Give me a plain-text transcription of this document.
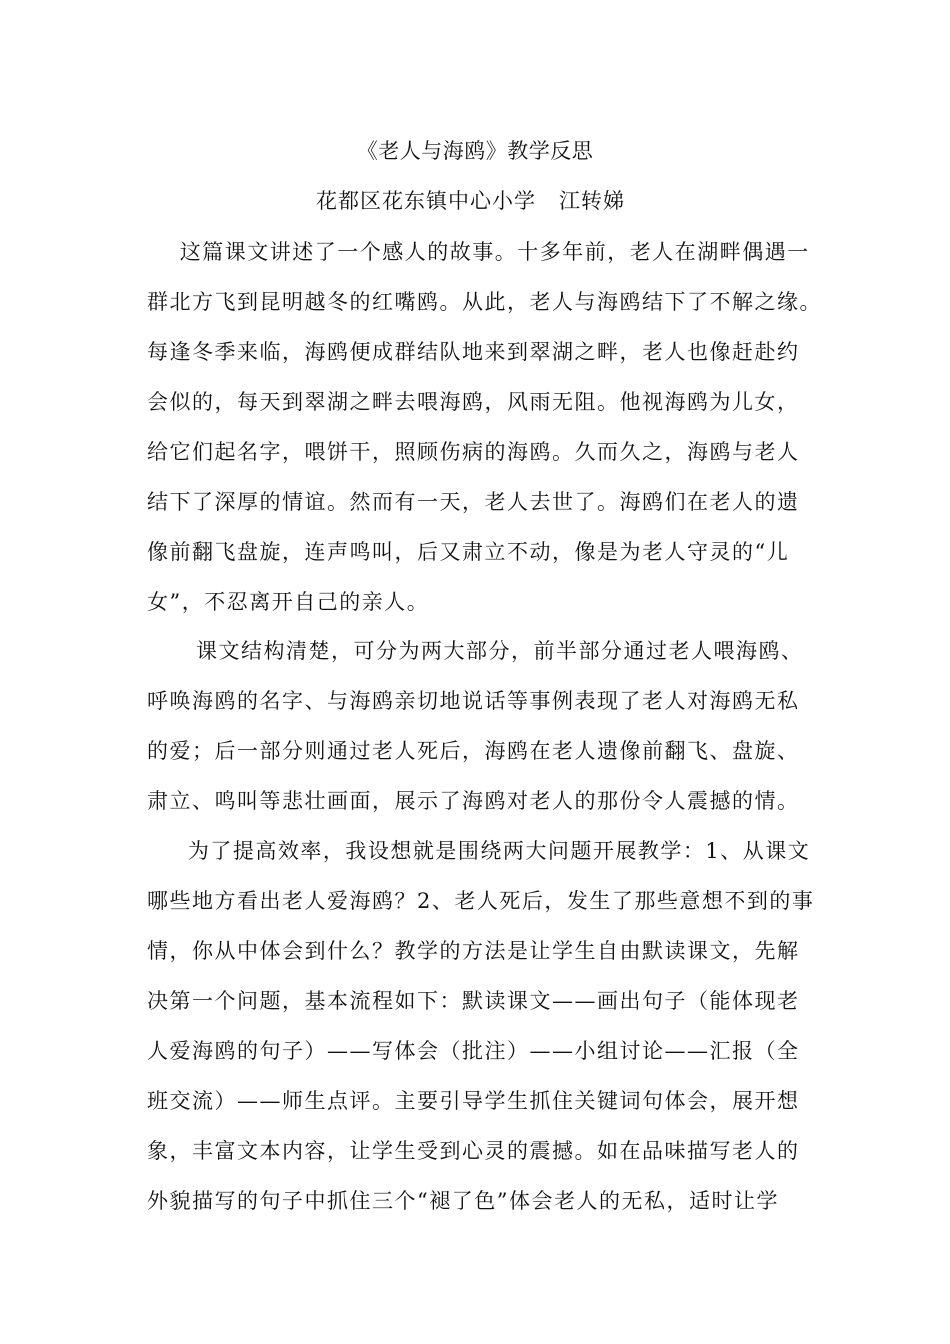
《老人与海鸥》教学反思
花都区花东镇中心小学   江转娣
这篇课文讲述了一个感人的故事。十多年前，老人在湖畔偶遇一
群北方飞到昆明越冬的红嘴鸥。从此，老人与海鸥结下了不解之缘。
每逢冬季来临，海鸥便成群结队地来到翠湖之畔，老人也像赶赴约
会似的，每天到翠湖之畔去喂海鸥，风雨无阻。他视海鸥为儿女，
给它们起名字，喂饼干，照顾伤病的海鸥。久而久之，海鸥与老人
结下了深厚的情谊。然而有一天，老人去世了。海鸥们在老人的遗
像前翻飞盘旋，连声鸣叫，后又肃立不动，像是为老人守灵的“儿
女”，不忍离开自己的亲人。
课文结构清楚，可分为两大部分，前半部分通过老人喂海鸥、
呼唤海鸥的名字、与海鸥亲切地说话等事例表现了老人对海鸥无私
的爱；后一部分则通过老人死后，海鸥在老人遗像前翻飞、盘旋、
肃立、鸣叫等悲壮画面，展示了海鸥对老人的那份令人震撼的情。
为了提高效率，我设想就是围绕两大问题开展教学：1、从课文
哪些地方看出老人爱海鸥？2、老人死后，发生了那些意想不到的事
情，你从中体会到什么？教学的方法是让学生自由默读课文，先解
决第一个问题，基本流程如下：默读课文——画出句子（能体现老
人爱海鸥的句子）——写体会（批注）——小组讨论——汇报（全
班交流）——师生点评。主要引导学生抓住关键词句体会，展开想
象，丰富文本内容，让学生受到心灵的震撼。如在品味描写老人的
外貌描写的句子中抓住三个“褪了色”体会老人的无私，适时让学
